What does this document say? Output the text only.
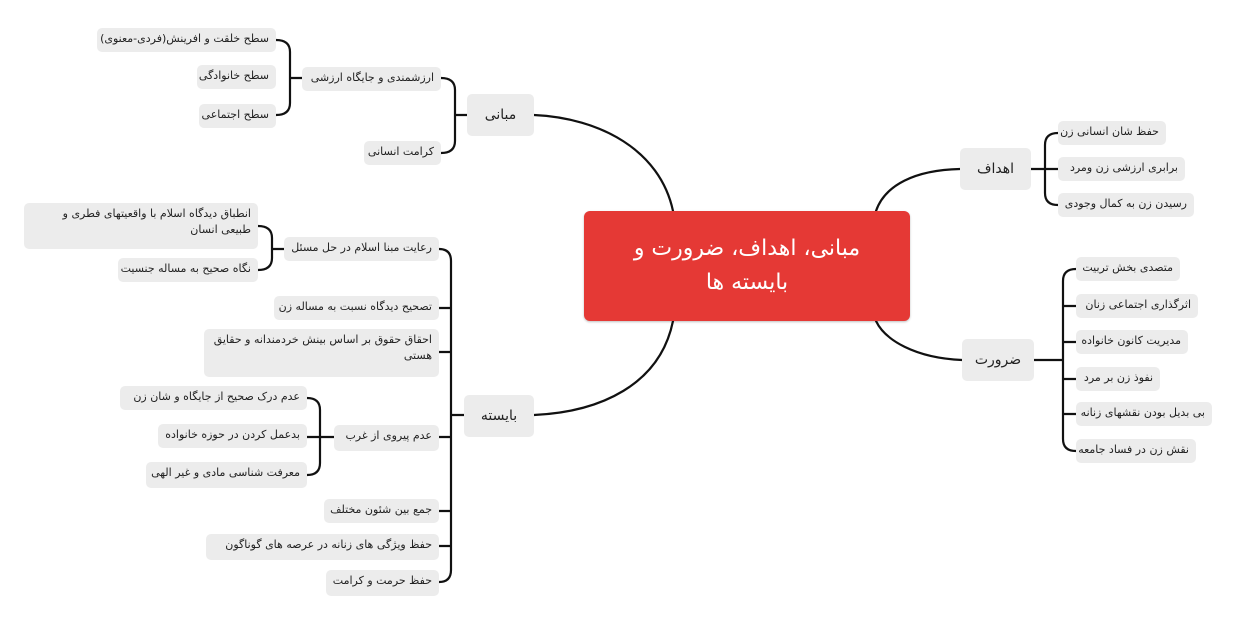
مبانی، اهداف، ضرورت و بایسته ها
مبانی
ارزشمندی و جایگاه ارزشی
سطح خلقت و افرینش(فردی-معنوی)
سطح خانوادگی
سطح اجتماعی
کرامت انسانی
اهداف
حفظ شان انسانی زن
برابری ارزشی زن ومرد
رسیدن زن به کمال وجودی
ضرورت
متصدی بخش تربیت
اثرگذاری اجتماعی زنان
مدیریت کانون خانواده
نفوذ زن بر مرد
بی بدیل بودن نقشهای زنانه
نقش زن در فساد جامعه
بایسته
رعایت مبنا اسلام در حل مسئل
انطباق دیدگاه اسلام با واقعیتهای فطری و طبیعی انسان
نگاه صحیح به مساله جنسیت
تصحیح دیدگاه نسبت به مساله زن
احقاق حقوق بر اساس بینش خردمندانه و حقایق هستی
عدم پیروی از غرب
عدم درک صحیح از جایگاه و شان زن
بدعمل کردن در حوزه خانواده
معرفت شناسی مادی و غیر الهی
جمع بین شئون مختلف
حفظ ویژگی های زنانه در عرصه های گوناگون
حفظ حرمت و کرامت
